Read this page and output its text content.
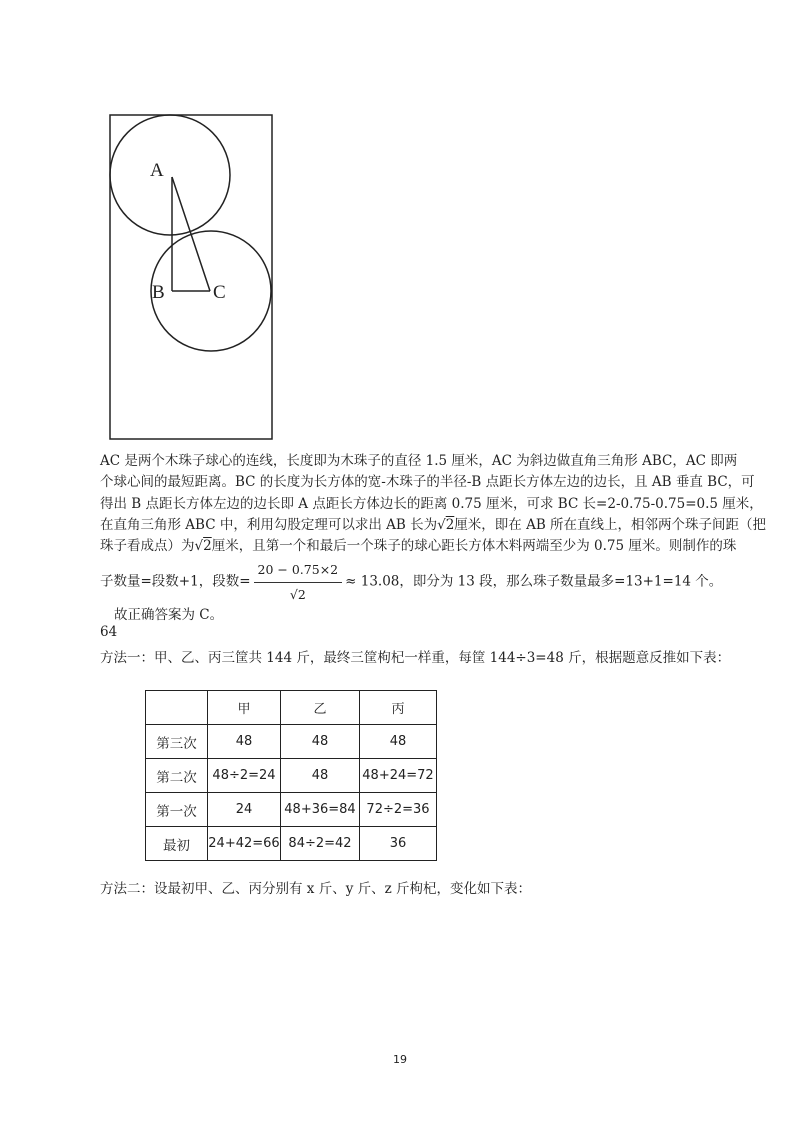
A
B	C
AC 是两个木珠子球心的连线，长度即为木珠子的直径 1.5 厘米，AC 为斜边做直角三角形 ABC，AC 即两
个球心间的最短距离。BC 的长度为长方体的宽-木珠子的半径-B 点距长方体左边的边长，且 AB 垂直 BC，可
得出 B 点距长方体左边的边长即 A 点距长方体边长的距离 0.75 厘米，可求 BC 长=2-0.75-0.75=0.5 厘米，
在直角三角形 ABC 中，利用勾股定理可以求出 AB 长为√2厘米，即在 AB 所在直线上，相邻两个珠子间距（把
珠子看成点）为√2厘米，且第一个和最后一个珠子的球心距长方体木料两端至少为 0.75 厘米。则制作的珠
子数量=段数+1，段数= $\frac{20 - 0.75\times 2}{√2} \approx 13.08$，即分为 13 段，那么珠子数量最多=13+1=14 个。
故正确答案为 C。
64
方法一：甲、乙、丙三筐共 144 斤，最终三筐枸杞一样重，每筐 144÷3=48 斤，根据题意反推如下表：
	甲	乙	丙
第三次	48	48	48
第二次	48÷2=24	48	48+24=72
第一次	24	48+36=84	72÷2=36
最初	24+42=66	84÷2=42	36
方法二：设最初甲、乙、丙分别有 x 斤、y 斤、z 斤枸杞，变化如下表：
19
